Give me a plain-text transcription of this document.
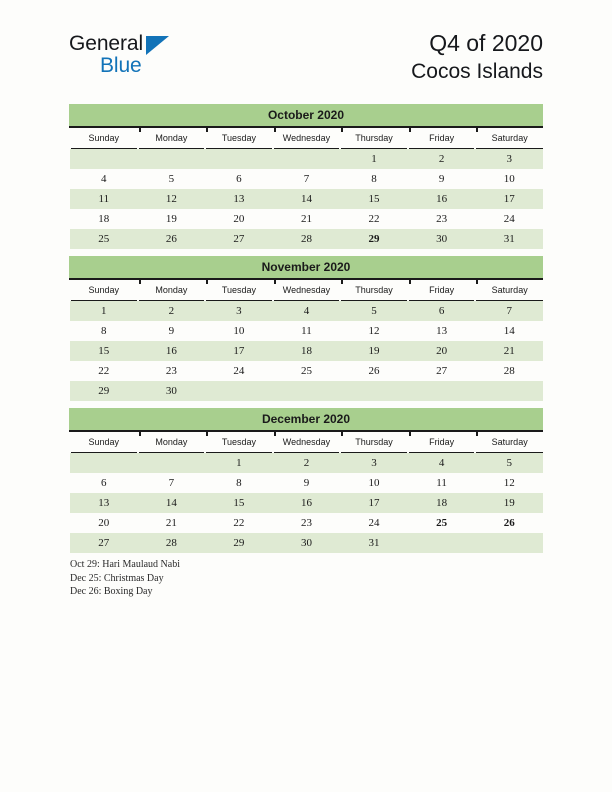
General
Blue
Q4 of 2020
Cocos Islands
October 2020
Sunday	Monday	Tuesday	Wednesday	Thursday	Friday	Saturday
				1	2	3
4	5	6	7	8	9	10
11	12	13	14	15	16	17
18	19	20	21	22	23	24
25	26	27	28	29	30	31

November 2020
Sunday	Monday	Tuesday	Wednesday	Thursday	Friday	Saturday
1	2	3	4	5	6	7
8	9	10	11	12	13	14
15	16	17	18	19	20	21
22	23	24	25	26	27	28
29	30					

December 2020
Sunday	Monday	Tuesday	Wednesday	Thursday	Friday	Saturday
		1	2	3	4	5
6	7	8	9	10	11	12
13	14	15	16	17	18	19
20	21	22	23	24	25	26
27	28	29	30	31		

Oct 29: Hari Maulaud Nabi
Dec 25: Christmas Day
Dec 26: Boxing Day
